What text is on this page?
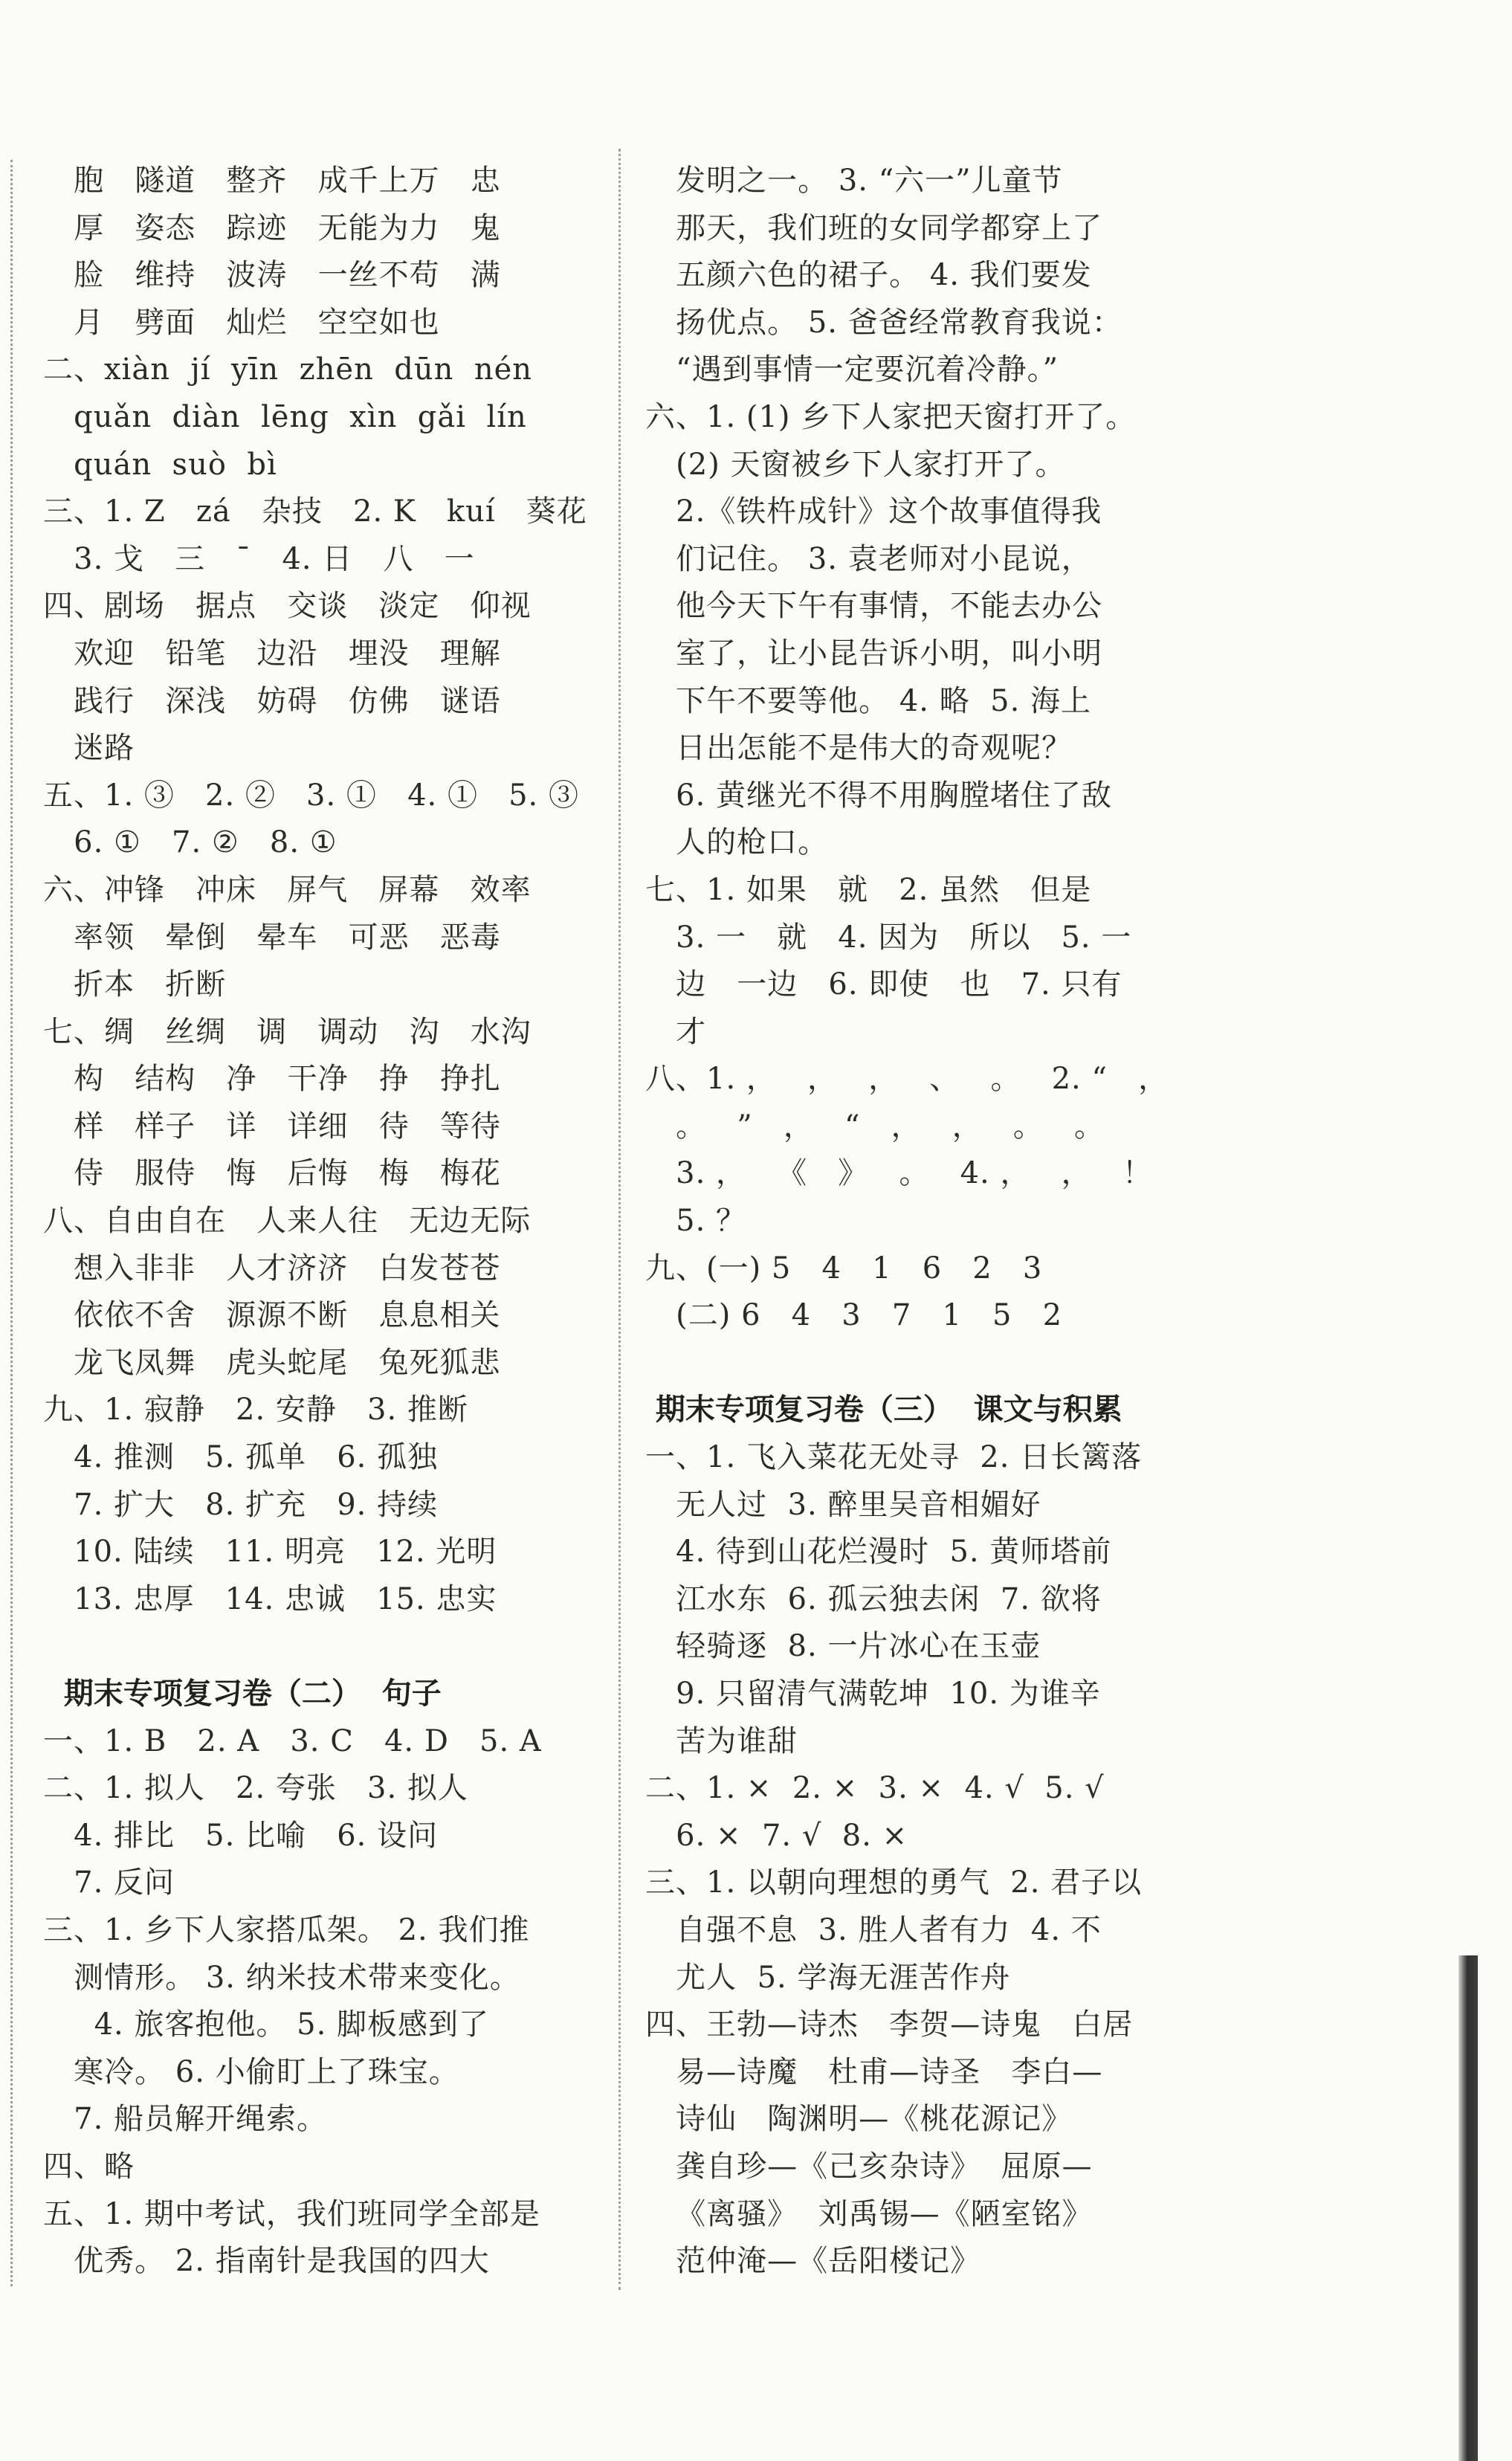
胞   隧道   整齐   成千上万   忠
厚   姿态   踪迹   无能为力   鬼
脸   维持   波涛   一丝不苟   满
月   劈面   灿烂   空空如也
二、xiàn  jí  yīn  zhēn  dūn  nén
quǎn  diàn  lēng  xìn  gǎi  lín
quán  suò  bì
三、1. Z   zá   杂技   2. K   kuí   葵花
3. 戈   三   ˉ   4. 日   八   一
四、剧场   据点   交谈   淡定   仰视
欢迎   铅笔   边沿   埋没   理解
践行   深浅   妨碍   仿佛   谜语
迷路
五、1. ③   2. ②   3. ①   4. ①   5. ③
6. ①   7. ②   8. ①
六、冲锋   冲床   屏气   屏幕   效率
率领   晕倒   晕车   可恶   恶毒
折本   折断
七、绸   丝绸   调   调动   沟   水沟
构   结构   净   干净   挣   挣扎
样   样子   详   详细   待   等待
侍   服侍   悔   后悔   梅   梅花
八、自由自在   人来人往   无边无际
想入非非   人才济济   白发苍苍
依依不舍   源源不断   息息相关
龙飞凤舞   虎头蛇尾   兔死狐悲
九、1. 寂静   2. 安静   3. 推断
4. 推测   5. 孤单   6. 孤独
7. 扩大   8. 扩充   9. 持续
10. 陆续   11. 明亮   12. 光明
13. 忠厚   14. 忠诚   15. 忠实
期末专项复习卷（二）  句子
一、1. B   2. A   3. C   4. D   5. A
二、1. 拟人   2. 夸张   3. 拟人
4. 排比   5. 比喻   6. 设问
7. 反问
三、1. 乡下人家搭瓜架。 2. 我们推
测情形。 3. 纳米技术带来变化。
4. 旅客抱他。 5. 脚板感到了
寒冷。 6. 小偷盯上了珠宝。
7. 船员解开绳索。
四、略
五、1. 期中考试，我们班同学全部是
优秀。 2. 指南针是我国的四大
发明之一。 3. “六一”儿童节
那天，我们班的女同学都穿上了
五颜六色的裙子。 4. 我们要发
扬优点。 5. 爸爸经常教育我说：
“遇到事情一定要沉着冷静。”
六、1. (1) 乡下人家把天窗打开了。
(2) 天窗被乡下人家打开了。
2.《铁杵成针》这个故事值得我
们记住。 3. 袁老师对小昆说，
他今天下午有事情，不能去办公
室了，让小昆告诉小明，叫小明
下午不要等他。 4. 略  5. 海上
日出怎能不是伟大的奇观呢？
6. 黄继光不得不用胸膛堵住了敌
人的枪口。
七、1. 如果   就   2. 虽然   但是
3. 一   就   4. 因为   所以   5. 一
边   一边   6. 即使   也   7. 只有
才
八、1. ，   ，   ，   、   。   2. “   ，
。   ”   ，   “   ，   ，   。   。
3. ，   《   》   。   4. ，   ，   ！
5. ？
九、(一) 5   4   1   6   2   3
(二) 6   4   3   7   1   5   2
期末专项复习卷（三）  课文与积累
一、1. 飞入菜花无处寻  2. 日长篱落
无人过  3. 醉里吴音相媚好
4. 待到山花烂漫时  5. 黄师塔前
江水东  6. 孤云独去闲  7. 欲将
轻骑逐  8. 一片冰心在玉壶
9. 只留清气满乾坤  10. 为谁辛
苦为谁甜
二、1. ×  2. ×  3. ×  4. √  5. √
6. ×  7. √  8. ×
三、1. 以朝向理想的勇气  2. 君子以
自强不息  3. 胜人者有力  4. 不
尤人  5. 学海无涯苦作舟
四、王勃—诗杰   李贺—诗鬼   白居
易—诗魔   杜甫—诗圣   李白—
诗仙   陶渊明—《桃花源记》
龚自珍—《己亥杂诗》  屈原—
《离骚》  刘禹锡—《陋室铭》
范仲淹—《岳阳楼记》
